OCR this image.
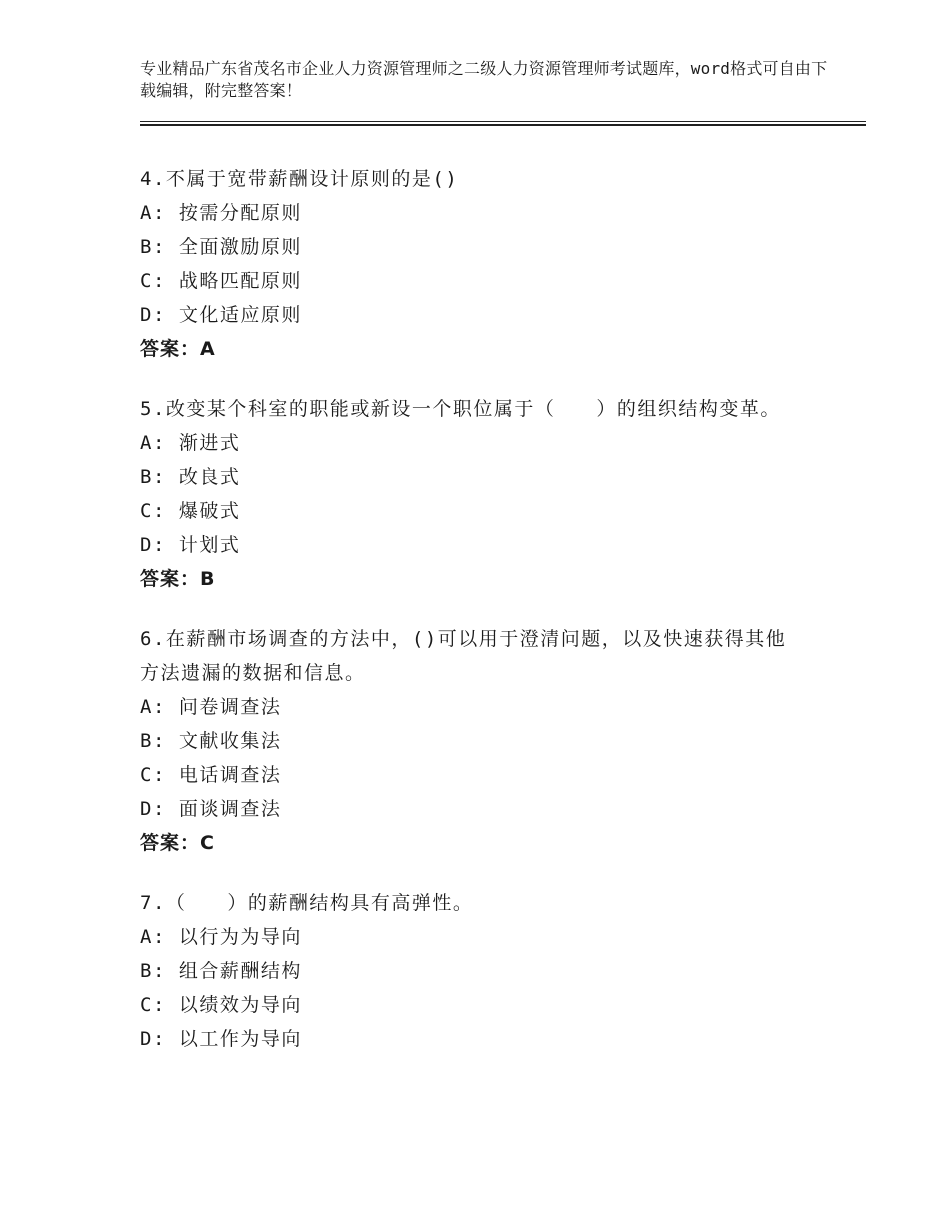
专业精品广东省茂名市企业人力资源管理师之二级人力资源管理师考试题库，word格式可自由下载编辑，附完整答案！
4.不属于宽带薪酬设计原则的是()
A: 按需分配原则
B: 全面激励原则
C: 战略匹配原则
D: 文化适应原则
答案：A
5.改变某个科室的职能或新设一个职位属于（　　）的组织结构变革。
A: 渐进式
B: 改良式
C: 爆破式
D: 计划式
答案：B
6.在薪酬市场调查的方法中，()可以用于澄清问题，以及快速获得其他方法遗漏的数据和信息。
A: 问卷调查法
B: 文献收集法
C: 电话调查法
D: 面谈调查法
答案：C
7.（　　）的薪酬结构具有高弹性。
A: 以行为为导向
B: 组合薪酬结构
C: 以绩效为导向
D: 以工作为导向
